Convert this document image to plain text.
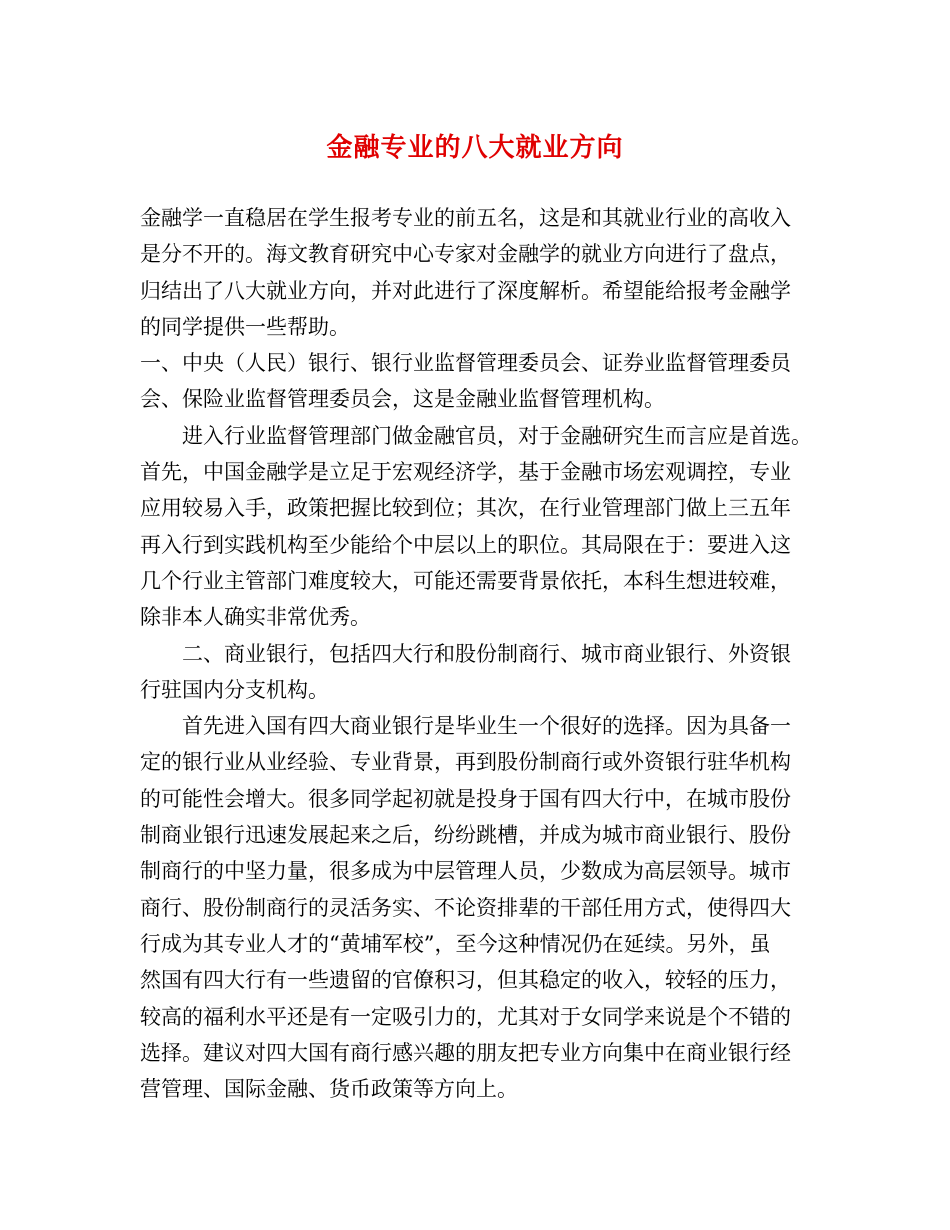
金融专业的八大就业方向

金融学一直稳居在学生报考专业的前五名，这是和其就业行业的高收入
是分不开的。海文教育研究中心专家对金融学的就业方向进行了盘点，
归结出了八大就业方向，并对此进行了深度解析。希望能给报考金融学
的同学提供一些帮助。

一、中央（人民）银行、银行业监督管理委员会、证券业监督管理委员
会、保险业监督管理委员会，这是金融业监督管理机构。

进入行业监督管理部门做金融官员，对于金融研究生而言应是首选。
首先，中国金融学是立足于宏观经济学，基于金融市场宏观调控，专业
应用较易入手，政策把握比较到位；其次，在行业管理部门做上三五年
再入行到实践机构至少能给个中层以上的职位。其局限在于：要进入这
几个行业主管部门难度较大，可能还需要背景依托，本科生想进较难，
除非本人确实非常优秀。

二、商业银行，包括四大行和股份制商行、城市商业银行、外资银
行驻国内分支机构。

首先进入国有四大商业银行是毕业生一个很好的选择。因为具备一
定的银行业从业经验、专业背景，再到股份制商行或外资银行驻华机构
的可能性会增大。很多同学起初就是投身于国有四大行中，在城市股份
制商业银行迅速发展起来之后，纷纷跳槽，并成为城市商业银行、股份
制商行的中坚力量，很多成为中层管理人员，少数成为高层领导。城市
商行、股份制商行的灵活务实、不论资排辈的干部任用方式，使得四大
行成为其专业人才的“黄埔军校”，至今这种情况仍在延续。另外，虽
然国有四大行有一些遗留的官僚积习，但其稳定的收入，较轻的压力，
较高的福利水平还是有一定吸引力的，尤其对于女同学来说是个不错的
选择。建议对四大国有商行感兴趣的朋友把专业方向集中在商业银行经
营管理、国际金融、货币政策等方向上。
